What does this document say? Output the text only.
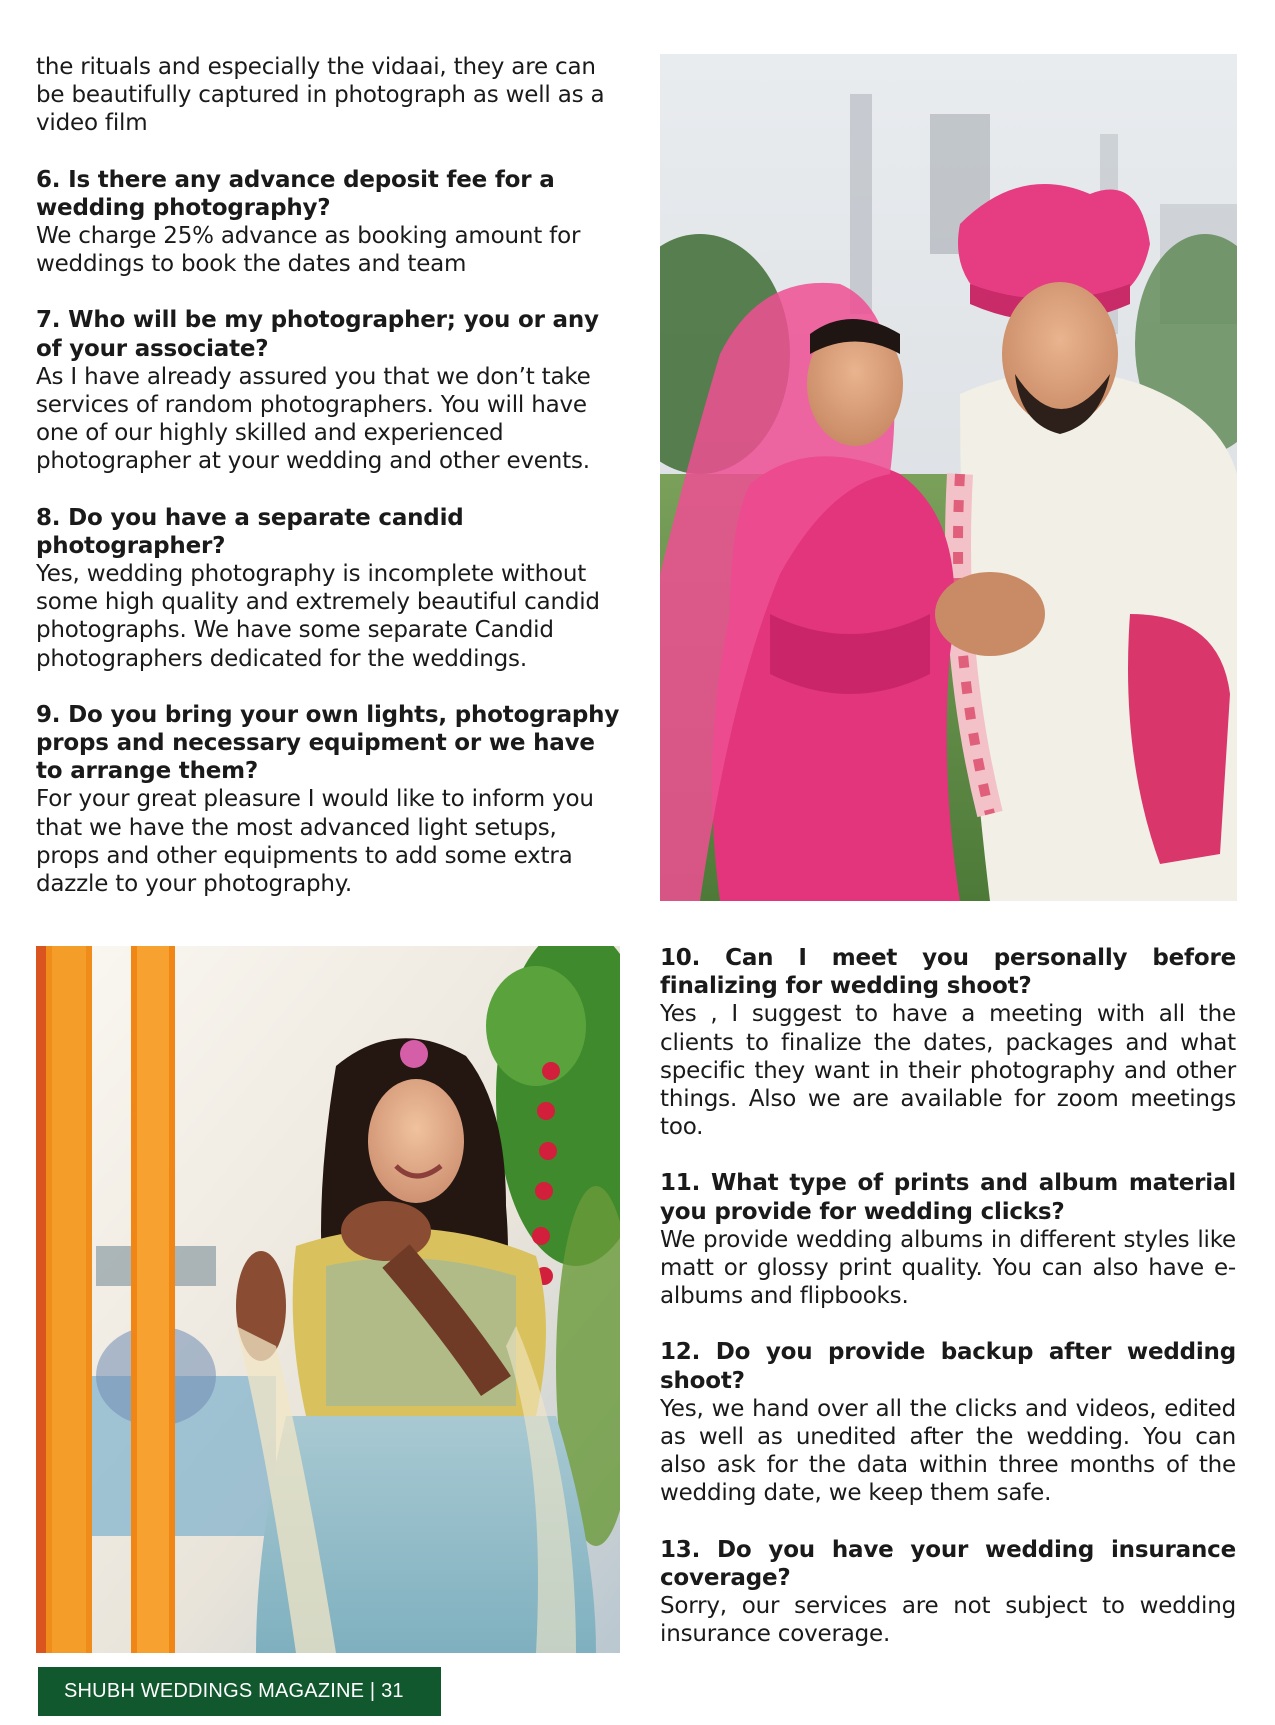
the rituals and especially the vidaai, they are can be beautifully captured in photograph as well as a video film

6. Is there any advance deposit fee for a wedding photography?

We charge 25% advance as booking amount for weddings to book the dates and team

7. Who will be my photographer; you or any of your associate?

As I have already assured you that we don’t take services of random photographers. You will have one of our highly skilled and experienced photographer at your wedding and other events.

8. Do you have a separate candid photographer?

Yes, wedding photography is incomplete without some high quality and extremely beautiful candid photographs. We have some separate Candid photographers dedicated for the weddings.

9. Do you bring your own lights, photography props and necessary equipment or we have to arrange them?

For your great pleasure I would like to inform you that we have the most advanced light setups, props and other equipments to add some extra dazzle to your photography.

10. Can I meet you personally before finalizing for wedding shoot?

Yes , I suggest to have a meeting with all the clients to finalize the dates, packages and what specific they want in their photography and other things. Also we are available for zoom meetings too.

11. What type of prints and album material you provide for wedding clicks?

We provide wedding albums in different styles like matt or glossy print quality. You can also have e-albums and flipbooks.

12. Do you provide backup after wedding shoot?

Yes, we hand over all the clicks and videos, edited as well as unedited after the wedding. You can also ask for the data within three months of the wedding date, we keep them safe.

13. Do you have your wedding insurance coverage?

Sorry, our services are not subject to wedding insurance coverage.

SHUBH WEDDINGS MAGAZINE | 31
